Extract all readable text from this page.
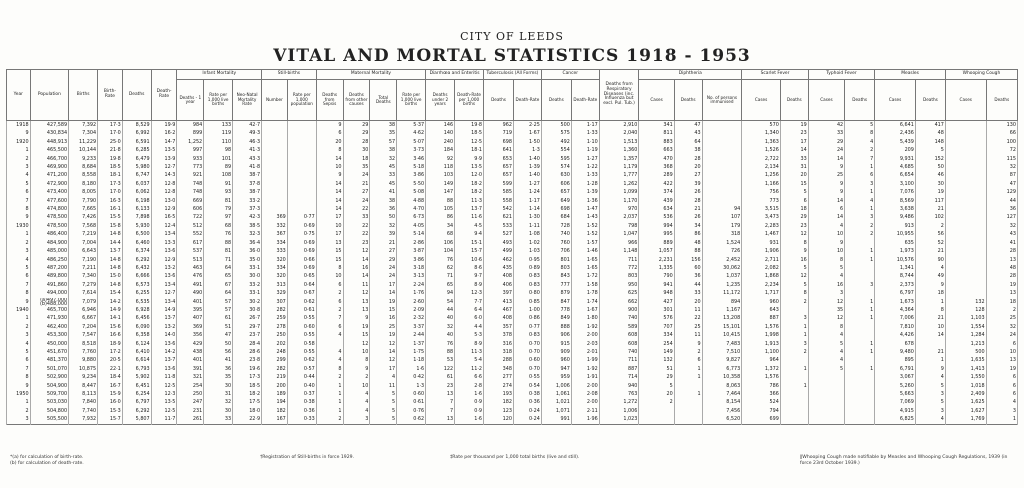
CITY OF LEEDS
VITAL AND MORTAL STATISTICS 1918 - 1953
Year	Population	Births	Birth-Rate	Deaths	Death-Rate	Infant Mortality			Still-births		Maternal Mortality				Diarrhœa and Enteritis		Tuberculosis (All Forms)		Cancer		Deaths from Respiratory Diseases (inc. Influenza but excl. Pul. Tub.)	Diphtheria			Scarlet Fever		Typhoid Fever		Measles		Whooping Cough	
						Deaths - 1 year	Rate per 1,000 live births	Neo-Natal Mortality Rate	Number	Rate per 1,000 population	Deaths from Sepsis	Deaths from other causes	Total Deaths	Rate per 1,000 live births	Deaths under 2 years	Death-Rate per 1,000 births	Deaths	Death-Rate	Deaths	Death-Rate		Cases	Deaths	No. of persons immunised	Cases	Deaths	Cases	Deaths	Cases	Deaths	Cases	Deaths
1918	427,589	7,392	17·3	8,529	19·9	984	133	42·7			9	29	38	5·37	146	19·8	962	2·25	500	1·17	2,910	341	47		570	19	42	5	6,641	417		130
9	430,834	7,304	17·0	6,992	16·2	899	119	49·3			6	29	35	4·62	140	18·5	719	1·67	575	1·33	2,040	811	43		1,340	23	33	8	2,436	48		66
1920	448,913	11,229	25·0	6,591	14·7	1,252	110	46·3			20	28	57	5·07	240	12·5	698	1·50	492	1·10	1,513	883	64		1,363	17	29	4	5,439	148		100
1	465,500	10,144	21·8	6,285	13·5	997	98	41·3			8	30	38	3·73	184	18·1	641	1·3	554	1·19	1,360	663	38		1,526	14	24	2	209	5		72
2	466,700	9,233	19·8	6,479	13·9	933	101	43·3			14	18	32	3·46	92	9·9	653	1·40	595	1·27	1,357	470	28		2,722	33	14	7	9,931	152		115
3	469,900	8,684	18·5	5,980	12·7	773	89	41·8			10	35	45	5·18	118	13·5	657	1·39	574	1·22	1,179	368	20		2,134	31	9	1	4,685	50		32
4	471,200	8,558	18·1	6,747	14·3	921	108	38·7			9	24	33	3·86	103	12·0	657	1·40	630	1·33	1,777	289	27		1,256	20	25	6	6,654	46		87
5	472,900	8,180	17·3	6,037	12·8	748	91	37·8			14	21	45	5·50	149	18·2	599	1·27	606	1·28	1,262	422	39		1,166	15	9	3	3,100	30		47
6	473,400	8,005	17·0	6,062	12·8	748	93	38·7			14	27	41	5·08	147	18·2	585	1·24	657	1·39	1,099	374	26		756	5	9	1	7,076	19		129
7	477,600	7,790	16·3	6,198	13·0	669	81	33·2			14	24	38	4·88	88	11·3	558	1·17	649	1·36	1,170	439	28		773	6	14	4	8,569	117		44
8	474,800	7,665	16·1	6,133	12·9	606	79	37·3			14	22	36	4·70	105	13·7	542	1·14	698	1·47	970	634	21	94	3,515	18	6	1	3,638	21		36
9	478,500	7,426	15·5	7,898	16·5	722	97	42·3	369	0·77	17	33	50	6·73	86	11·6	621	1·30	684	1·43	2,037	536	26	107	3,473	29	14	3	9,486	102		127
1930	478,500	7,568	15·8	5,930	12·4	512	68	38·5	332	0·69	10	22	32	4·05	34	4·5	533	1·11	728	1·52	798	994	34	179	2,283	23	4	2	913	2		32
1	486,400	7,219	14·8	6,500	13·4	552	76	32·3	367	0·75	17	22	39	5·14	68	9·4	527	1·08	740	1·52	1,047	995	86	318	1,467	12	10	2	10,955	56		43
2	484,900	7,004	14·4	6,460	13·3	617	88	36·4	334	0·69	13	23	21	2·86	106	15·1	493	1·02	760	1·57	966	889	48	1,524	931	8	9		635	52		41
3	485,000	6,643	13·7	6,374	13·6	537	81	36·0	333	0·69	15	12	27	3·87	104	15·7	499	1·03	706	1·46	1,148	1,057	88	726	1,906	9	10	1	1,973	21		28
4	486,250	7,190	14·8	6,292	12·9	513	71	35·0	320	0·66	15	14	29	3·86	76	10·6	462	0·95	801	1·65	711	2,231	156	2,452	2,711	16	8	1	10,576	90		13
5	487,200	7,211	14·8	6,432	13·2	463	64	33·1	334	0·69	8	16	24	3·18	62	8·6	435	0·89	803	1·65	772	1,335	60	30,062	2,082	5	5		1,341	4		48
6	489,800	7,340	15·0	6,666	13·6	476	65	30·0	320	0·65	10	14	24	3·13	71	9·7	408	0·83	843	1·72	803	790	36	1,037	1,868	12	4		8,744	49		28
7	491,860	7,279	14·8	6,573	13·4	491	67	33·2	313	0·64	6	11	17	2·24	65	8·9	406	0·83	777	1·58	950	941	44	1,235	2,234	5	16	3	2,373	9		19
8	494,000	7,614	15·4	6,255	12·7	490	64	33·1	329	0·67	2	12	14	1·76	94	12·3	397	0·80	879	1·78	625	948	33	11,172	1,717	8	3		6,797	18		13
9	(a)497,000 (b)488,000	7,079	14·2	6,535	13·4	401	57	30·2	307	0·62	6	13	19	2·60	54	7·7	413	0·85	847	1·74	662	427	20	894	960	2	12	1	1,673	1	132	18
1940	465,700	6,946	14·9	6,928	14·9	395	57	30·8	282	0·61	2	13	15	2·09	44	6·4	467	1·00	778	1·67	900	301	11	1,167	643		35	1	4,364	8	128	2
1	471,930	6,667	14·1	6,456	13·7	407	61	26·7	259	0·55	7	9	16	2·32	40	6·0	408	0·86	849	1·80	740	576	22	13,208	887	3	12	1	7,006	21	1,103	25
2	462,400	7,204	15·6	6,090	13·2	369	51	29·7	278	0·60	6	19	25	3·37	32	4·4	357	0·77	888	1·92	589	707	25	15,101	1,576	1	8		7,810	10	1,554	32
3	453,300	7,547	16·6	6,358	14·0	356	47	23·7	250	0·55	4	15	19	2·44	40	5·3	378	0·83	906	2·00	608	334	11	10,415	1,998	1	4		4,426	14	1,284	24
4	450,000	8,518	18·9	6,124	13·6	429	50	28·4	202	0·58		12	12	1·37	76	8·9	316	0·70	915	2·03	608	254	9	7,483	1,913	3	5	1	678		1,213	6
5	451,670	7,760	17·2	6,410	14·2	438	56	28·6	248	0·55	4	10	14	1·75	88	11·3	318	0·70	909	2·01	740	149	2	7,510	1,100	2	4	1	9,480	21	500	10
6	481,370	9,880	20·5	6,614	13·7	401	41	23·8	299	0·62	4	8	12	1·18	53	5·4	288	0·60	960	1·99	711	132	6	9,827	964		4		895	1	1,635	13
7	501,070	10,875	22·1	6,793	13·6	391	36	19·6	282	0·57	8	9	17	1·6	122	11·2	348	0·70	947	1·92	887	51	1	6,773	1,372	1	5	1	6,791	9	1,413	19
8	502,900	9,234	18·4	5,902	11·8	321	35	17·3	219	0·44	2	2	4	0·42	61	6·6	277	0·55	959	1·91	714	29	1	10,358	1,576				3,067	4	1,550	6
9	504,900	8,447	16·7	6,451	12·5	254	30	18·5	200	0·40	1	10	11	1·3	23	2·8	274	0·54	1,006	2·00	940	5		8,063	786	1			5,260	5	1,018	6
1950	509,700	8,113	15·9	6,254	12·3	250	31	18·2	189	0·37	1	4	5	0·60	13	1·6	193	0·38	1,061	2·08	763	20	1	7,464	366				5,663	3	2,409	6
1	503,030	7,840	16·0	6,797	13·5	247	32	17·5	194	0·38	1	4	5	0·61	7	0·9	182	0·36	1,021	2·00	1,272	2		8,154	524				7,069	5	1,625	4
2	504,800	7,740	15·3	6,292	12·5	231	30	18·0	182	0·36	1	4	5	0·76	7	0·9	123	0·24	1,071	2·11	1,006			7,456	794				4,915	3	1,627	3
3	505,500	7,932	15·7	5,807	11·7	261	33	22·9	167	0·33	2	3	5	0·62	13	1·6	120	0·24	991	1·96	1,023			6,520	699				6,825	4	1,769	1
*(a) for calculation of birth-rate.
(b) for calculation of death-rate.
†Registration of Still-births in force 1929.	‡Rate per thousand per 1,000 total births (live and still).	‖Whooping Cough made notifiable by Measles and Whooping Cough Regulations, 1939 (in force 23rd October 1939.)
